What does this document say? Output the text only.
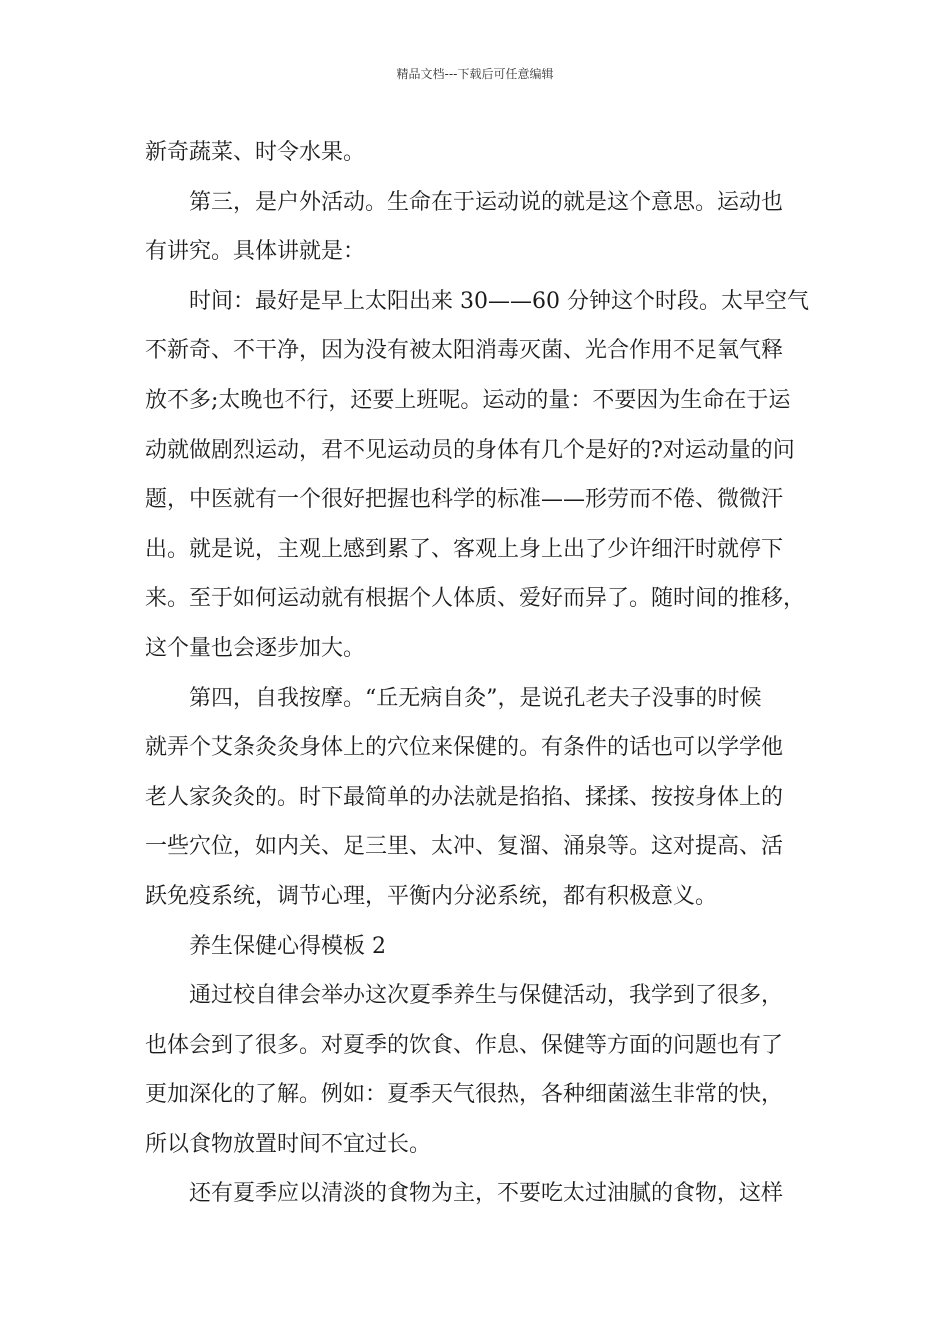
精品文档---下载后可任意编辑

新奇蔬菜、时令水果。

第三，是户外活动。生命在于运动说的就是这个意思。运动也
有讲究。具体讲就是：

时间：最好是早上太阳出来 30——60 分钟这个时段。太早空气
不新奇、不干净，因为没有被太阳消毒灭菌、光合作用不足氧气释
放不多;太晚也不行，还要上班呢。运动的量：不要因为生命在于运
动就做剧烈运动，君不见运动员的身体有几个是好的?对运动量的问
题，中医就有一个很好把握也科学的标准——形劳而不倦、微微汗
出。就是说，主观上感到累了、客观上身上出了少许细汗时就停下
来。至于如何运动就有根据个人体质、爱好而异了。随时间的推移，
这个量也会逐步加大。

第四，自我按摩。“丘无病自灸”，是说孔老夫子没事的时候
就弄个艾条灸灸身体上的穴位来保健的。有条件的话也可以学学他
老人家灸灸的。时下最简单的办法就是掐掐、揉揉、按按身体上的
一些穴位，如内关、足三里、太冲、复溜、涌泉等。这对提高、活
跃免疫系统，调节心理，平衡内分泌系统，都有积极意义。

养生保健心得模板 2

通过校自律会举办这次夏季养生与保健活动，我学到了很多，
也体会到了很多。对夏季的饮食、作息、保健等方面的问题也有了
更加深化的了解。例如：夏季天气很热，各种细菌滋生非常的快，
所以食物放置时间不宜过长。

还有夏季应以清淡的食物为主，不要吃太过油腻的食物，这样
